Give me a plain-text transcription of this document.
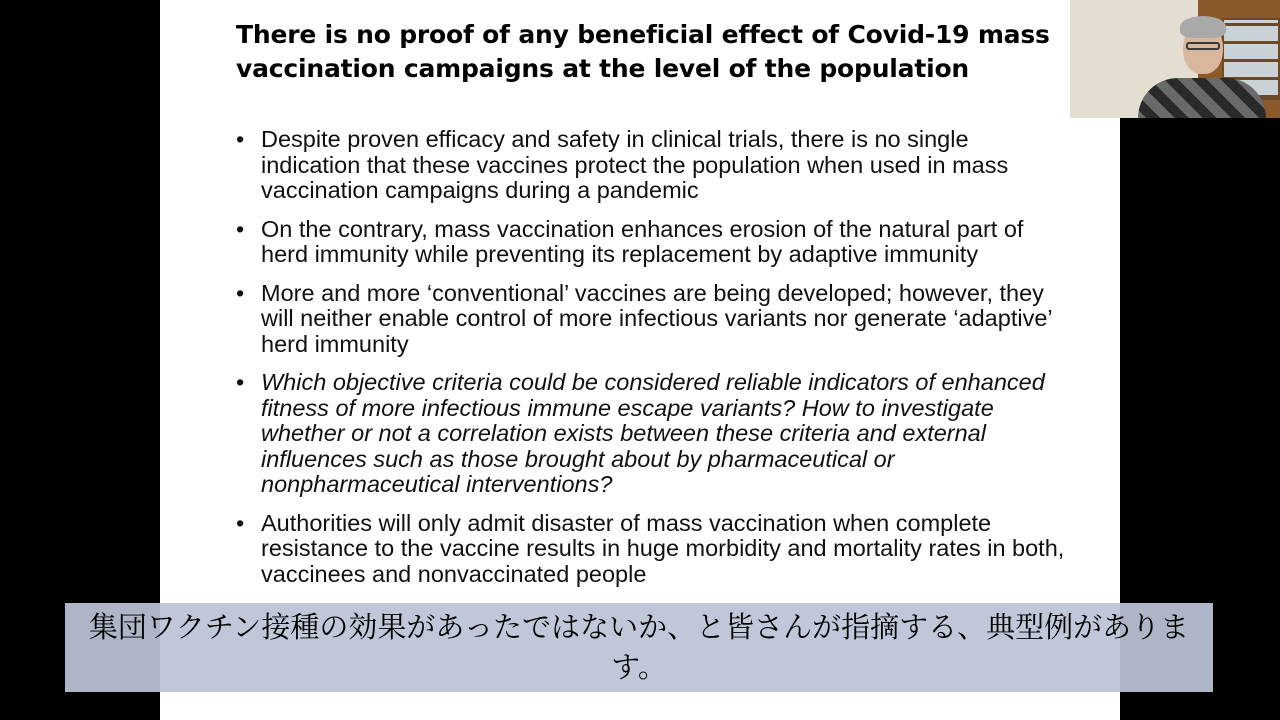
There is no proof of any beneficial effect of Covid-19 mass vaccination campaigns at the level of the population
• Despite proven efficacy and safety in clinical trials, there is no single indication that these vaccines protect the population when used in mass vaccination campaigns during a pandemic
• On the contrary, mass vaccination enhances erosion of the natural part of herd immunity while preventing its replacement by adaptive immunity
• More and more ‘conventional’ vaccines are being developed; however, they will neither enable control of more infectious variants nor generate ‘adaptive’ herd immunity
• Which objective criteria could be considered reliable indicators of enhanced fitness of more infectious immune escape variants? How to investigate whether or not a correlation exists between these criteria and external influences such as those brought about by pharmaceutical or nonpharmaceutical interventions?
• Authorities will only admit disaster of mass vaccination when complete resistance to the vaccine results in huge morbidity and mortality rates in both, vaccinees and nonvaccinated people
集団ワクチン接種の効果があったではないか、と皆さんが指摘する、典型例があります。
